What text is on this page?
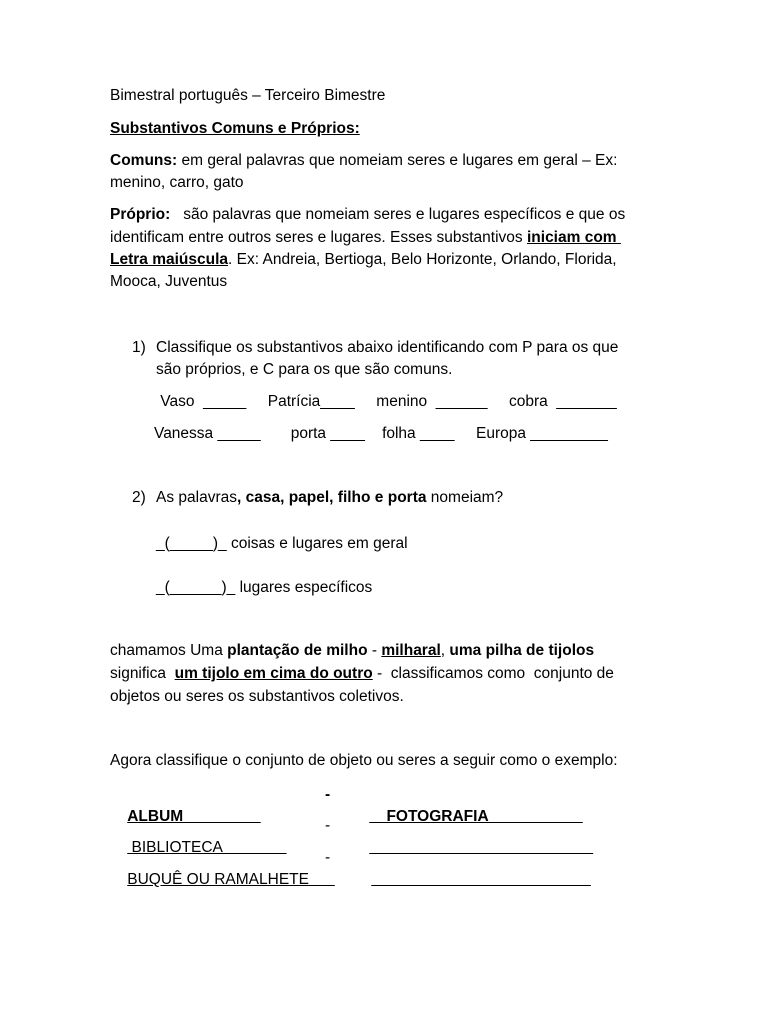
Bimestral português – Terceiro Bimestre
Substantivos Comuns e Próprios:
Comuns: em geral palavras que nomeiam seres e lugares em geral – Ex:
menino, carro, gato
Próprio:   são palavras que nomeiam seres e lugares específicos e que os
identificam entre outros seres e lugares. Esses substantivos iniciam com
Letra maiúscula. Ex: Andreia, Bertioga, Belo Horizonte, Orlando, Florida,
Mooca, Juventus
1) Classifique os substantivos abaixo identificando com P para os que
são próprios, e C para os que são comuns.
Vaso  _____     Patrícia____     menino  ______     cobra  _______
Vanessa _____       porta ____    folha ____     Europa _________
2) As palavras, casa, papel, filho e porta nomeiam?
_(_____)_ coisas e lugares em geral
_(______)_ lugares específicos
chamamos Uma plantação de milho - milharal, uma pilha de tijolos
significa  um tijolo em cima do outro -  classificamos como  conjunto de
objetos ou seres os substantivos coletivos.
Agora classifique o conjunto de objeto ou seres a seguir como o exemplo:

ALBUM

-

FOTOGRAFIA

BIBLIOTECA

-

BUQUÊ OU RAMALHETE

-
